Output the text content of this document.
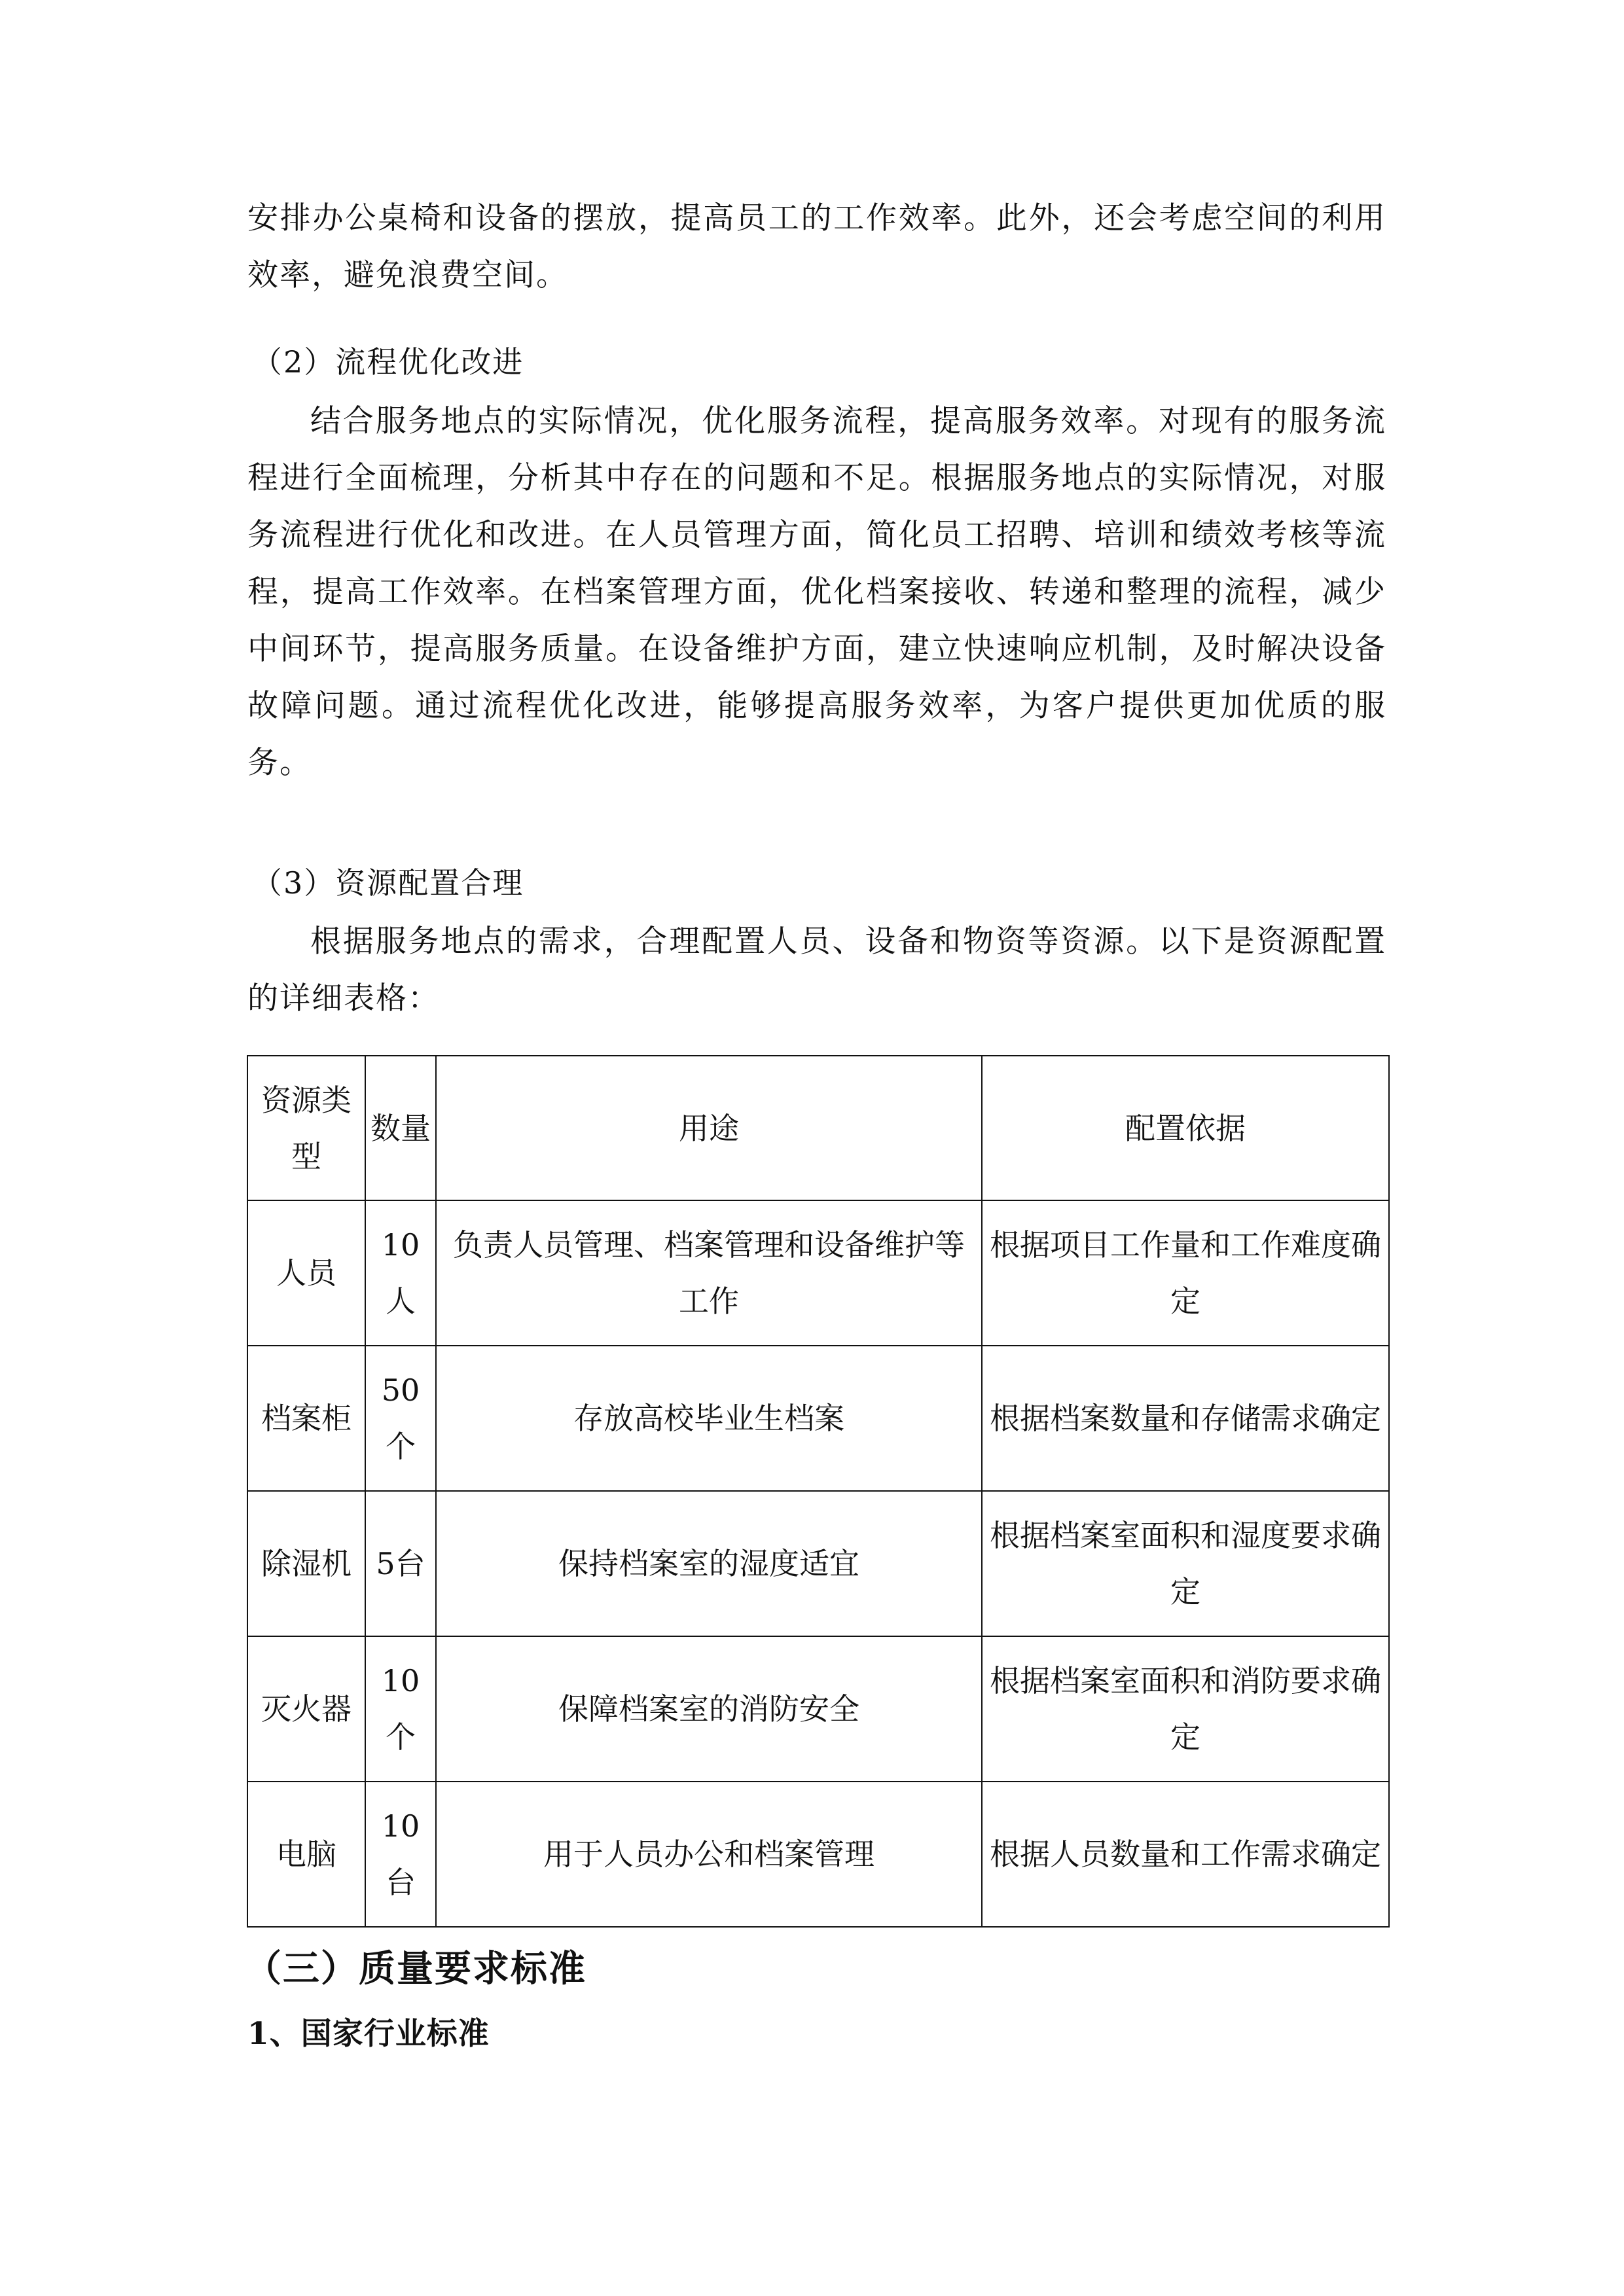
安排办公桌椅和设备的摆放，提高员工的工作效率。此外，还会考虑空间的利用效率，避免浪费空间。

（2）流程优化改进

结合服务地点的实际情况，优化服务流程，提高服务效率。对现有的服务流程进行全面梳理，分析其中存在的问题和不足。根据服务地点的实际情况，对服务流程进行优化和改进。在人员管理方面，简化员工招聘、培训和绩效考核等流程，提高工作效率。在档案管理方面，优化档案接收、转递和整理的流程，减少中间环节，提高服务质量。在设备维护方面，建立快速响应机制，及时解决设备故障问题。通过流程优化改进，能够提高服务效率，为客户提供更加优质的服务。

（3）资源配置合理

根据服务地点的需求，合理配置人员、设备和物资等资源。以下是资源配置的详细表格：

资源类型	数量	用途	配置依据
人员	10人	负责人员管理、档案管理和设备维护等工作	根据项目工作量和工作难度确定
档案柜	50个	存放高校毕业生档案	根据档案数量和存储需求确定
除湿机	5台	保持档案室的湿度适宜	根据档案室面积和湿度要求确定
灭火器	10个	保障档案室的消防安全	根据档案室面积和消防要求确定
电脑	10台	用于人员办公和档案管理	根据人员数量和工作需求确定
（三）质量要求标准
1、国家行业标准
